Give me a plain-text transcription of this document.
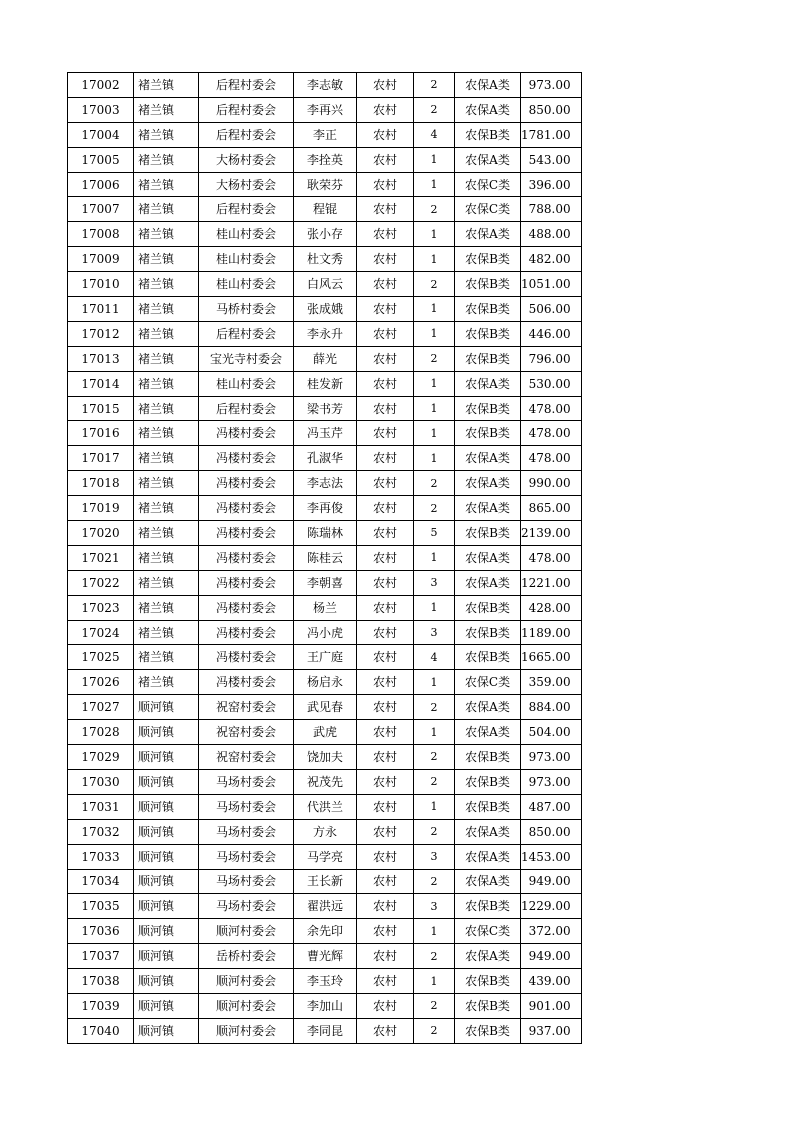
17002	褚兰镇	后程村委会	李志敏	农村	2	农保A类	973.00
17003	褚兰镇	后程村委会	李再兴	农村	2	农保A类	850.00
17004	褚兰镇	后程村委会	李正	农村	4	农保B类	1781.00
17005	褚兰镇	大杨村委会	李拴英	农村	1	农保A类	543.00
17006	褚兰镇	大杨村委会	耿荣芬	农村	1	农保C类	396.00
17007	褚兰镇	后程村委会	程锟	农村	2	农保C类	788.00
17008	褚兰镇	桂山村委会	张小存	农村	1	农保A类	488.00
17009	褚兰镇	桂山村委会	杜文秀	农村	1	农保B类	482.00
17010	褚兰镇	桂山村委会	白风云	农村	2	农保B类	1051.00
17011	褚兰镇	马桥村委会	张成娥	农村	1	农保B类	506.00
17012	褚兰镇	后程村委会	李永升	农村	1	农保B类	446.00
17013	褚兰镇	宝光寺村委会	薛光	农村	2	农保B类	796.00
17014	褚兰镇	桂山村委会	桂发新	农村	1	农保A类	530.00
17015	褚兰镇	后程村委会	梁书芳	农村	1	农保B类	478.00
17016	褚兰镇	冯楼村委会	冯玉芹	农村	1	农保B类	478.00
17017	褚兰镇	冯楼村委会	孔淑华	农村	1	农保A类	478.00
17018	褚兰镇	冯楼村委会	李志法	农村	2	农保A类	990.00
17019	褚兰镇	冯楼村委会	李再俊	农村	2	农保A类	865.00
17020	褚兰镇	冯楼村委会	陈瑞林	农村	5	农保B类	2139.00
17021	褚兰镇	冯楼村委会	陈桂云	农村	1	农保A类	478.00
17022	褚兰镇	冯楼村委会	李朝喜	农村	3	农保A类	1221.00
17023	褚兰镇	冯楼村委会	杨兰	农村	1	农保B类	428.00
17024	褚兰镇	冯楼村委会	冯小虎	农村	3	农保B类	1189.00
17025	褚兰镇	冯楼村委会	王广庭	农村	4	农保B类	1665.00
17026	褚兰镇	冯楼村委会	杨启永	农村	1	农保C类	359.00
17027	顺河镇	祝窑村委会	武见春	农村	2	农保A类	884.00
17028	顺河镇	祝窑村委会	武虎	农村	1	农保A类	504.00
17029	顺河镇	祝窑村委会	饶加夫	农村	2	农保B类	973.00
17030	顺河镇	马场村委会	祝茂先	农村	2	农保B类	973.00
17031	顺河镇	马场村委会	代洪兰	农村	1	农保B类	487.00
17032	顺河镇	马场村委会	方永	农村	2	农保A类	850.00
17033	顺河镇	马场村委会	马学亮	农村	3	农保A类	1453.00
17034	顺河镇	马场村委会	王长新	农村	2	农保A类	949.00
17035	顺河镇	马场村委会	翟洪远	农村	3	农保B类	1229.00
17036	顺河镇	顺河村委会	余先印	农村	1	农保C类	372.00
17037	顺河镇	岳桥村委会	曹光辉	农村	2	农保A类	949.00
17038	顺河镇	顺河村委会	李玉玲	农村	1	农保B类	439.00
17039	顺河镇	顺河村委会	李加山	农村	2	农保B类	901.00
17040	顺河镇	顺河村委会	李同昆	农村	2	农保B类	937.00
